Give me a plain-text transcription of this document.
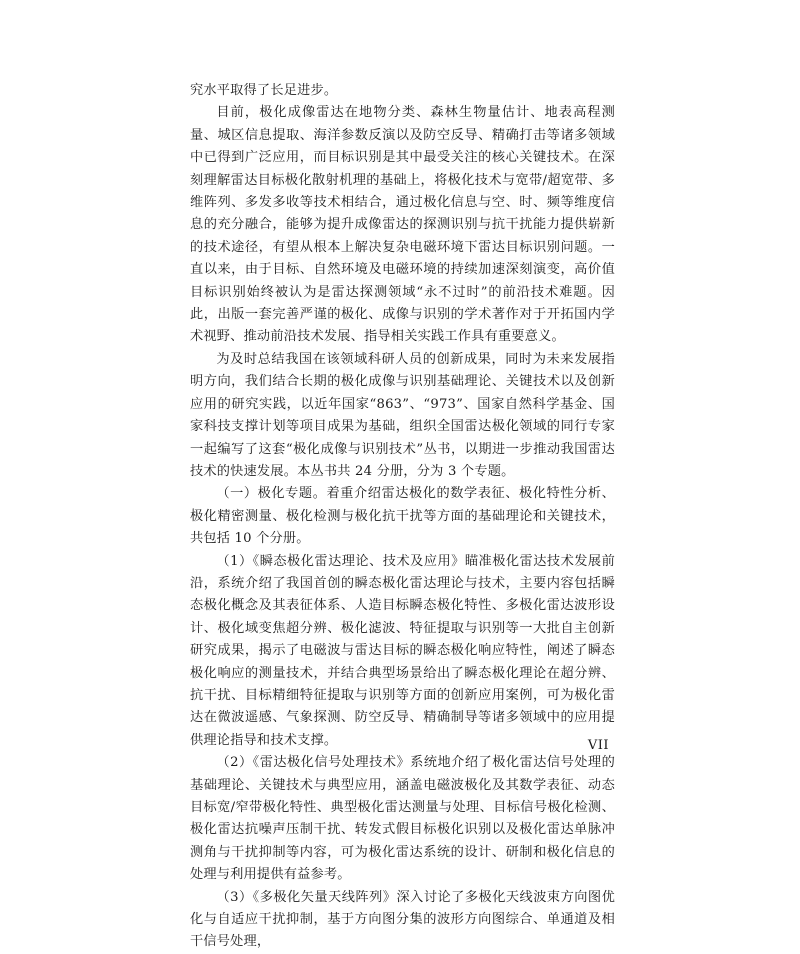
究水平取得了长足进步。

目前，极化成像雷达在地物分类、森林生物量估计、地表高程测量、城区信息提取、海洋参数反演以及防空反导、精确打击等诸多领域中已得到广泛应用，而目标识别是其中最受关注的核心关键技术。在深刻理解雷达目标极化散射机理的基础上，将极化技术与宽带/超宽带、多维阵列、多发多收等技术相结合，通过极化信息与空、时、频等维度信息的充分融合，能够为提升成像雷达的探测识别与抗干扰能力提供崭新的技术途径，有望从根本上解决复杂电磁环境下雷达目标识别问题。一直以来，由于目标、自然环境及电磁环境的持续加速深刻演变，高价值目标识别始终被认为是雷达探测领域“永不过时”的前沿技术难题。因此，出版一套完善严谨的极化、成像与识别的学术著作对于开拓国内学术视野、推动前沿技术发展、指导相关实践工作具有重要意义。

为及时总结我国在该领域科研人员的创新成果，同时为未来发展指明方向，我们结合长期的极化成像与识别基础理论、关键技术以及创新应用的研究实践，以近年国家“863”、“973”、国家自然科学基金、国家科技支撑计划等项目成果为基础，组织全国雷达极化领域的同行专家一起编写了这套“极化成像与识别技术”丛书，以期进一步推动我国雷达技术的快速发展。本丛书共 24 分册，分为 3 个专题。

（一）极化专题。着重介绍雷达极化的数学表征、极化特性分析、极化精密测量、极化检测与极化抗干扰等方面的基础理论和关键技术，共包括 10 个分册。

（1）《瞬态极化雷达理论、技术及应用》瞄准极化雷达技术发展前沿，系统介绍了我国首创的瞬态极化雷达理论与技术，主要内容包括瞬态极化概念及其表征体系、人造目标瞬态极化特性、多极化雷达波形设计、极化域变焦超分辨、极化滤波、特征提取与识别等一大批自主创新研究成果，揭示了电磁波与雷达目标的瞬态极化响应特性，阐述了瞬态极化响应的测量技术，并结合典型场景给出了瞬态极化理论在超分辨、抗干扰、目标精细特征提取与识别等方面的创新应用案例，可为极化雷达在微波遥感、气象探测、防空反导、精确制导等诸多领域中的应用提供理论指导和技术支撑。

（2）《雷达极化信号处理技术》系统地介绍了极化雷达信号处理的基础理论、关键技术与典型应用，涵盖电磁波极化及其数学表征、动态目标宽/窄带极化特性、典型极化雷达测量与处理、目标信号极化检测、极化雷达抗噪声压制干扰、转发式假目标极化识别以及极化雷达单脉冲测角与干扰抑制等内容，可为极化雷达系统的设计、研制和极化信息的处理与利用提供有益参考。

（3）《多极化矢量天线阵列》深入讨论了多极化天线波束方向图优化与自适应干扰抑制，基于方向图分集的波形方向图综合、单通道及相干信号处理，

VII
